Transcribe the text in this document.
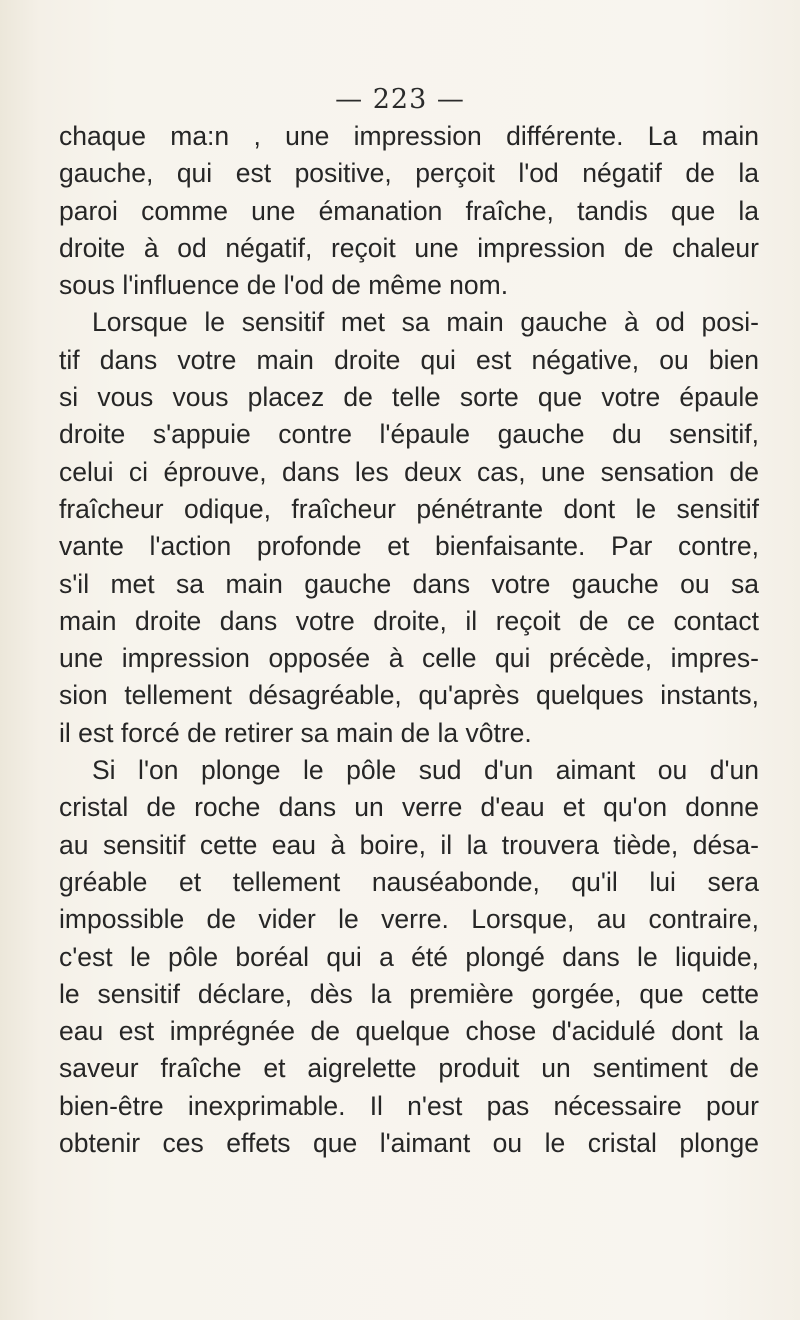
— 223 —
chaque ma:n , une impression différente. La main
gauche, qui est positive, perçoit l'od négatif de la
paroi comme une émanation fraîche, tandis que la
droite à od négatif, reçoit une impression de chaleur
sous l'influence de l'od de même nom.
Lorsque le sensitif met sa main gauche à od posi-
tif dans votre main droite qui est négative, ou bien
si vous vous placez de telle sorte que votre épaule
droite s'appuie contre l'épaule gauche du sensitif,
celui ci éprouve, dans les deux cas, une sensation de
fraîcheur odique, fraîcheur pénétrante dont le sensitif
vante l'action profonde et bienfaisante. Par contre,
s'il met sa main gauche dans votre gauche ou sa
main droite dans votre droite, il reçoit de ce contact
une impression opposée à celle qui précède, impres-
sion tellement désagréable, qu'après quelques instants,
il est forcé de retirer sa main de la vôtre.
Si l'on plonge le pôle sud d'un aimant ou d'un
cristal de roche dans un verre d'eau et qu'on donne
au sensitif cette eau à boire, il la trouvera tiède, désa-
gréable et tellement nauséabonde, qu'il lui sera
impossible de vider le verre. Lorsque, au contraire,
c'est le pôle boréal qui a été plongé dans le liquide,
le sensitif déclare, dès la première gorgée, que cette
eau est imprégnée de quelque chose d'acidulé dont la
saveur fraîche et aigrelette produit un sentiment de
bien-être inexprimable. Il n'est pas nécessaire pour
obtenir ces effets que l'aimant ou le cristal plonge
